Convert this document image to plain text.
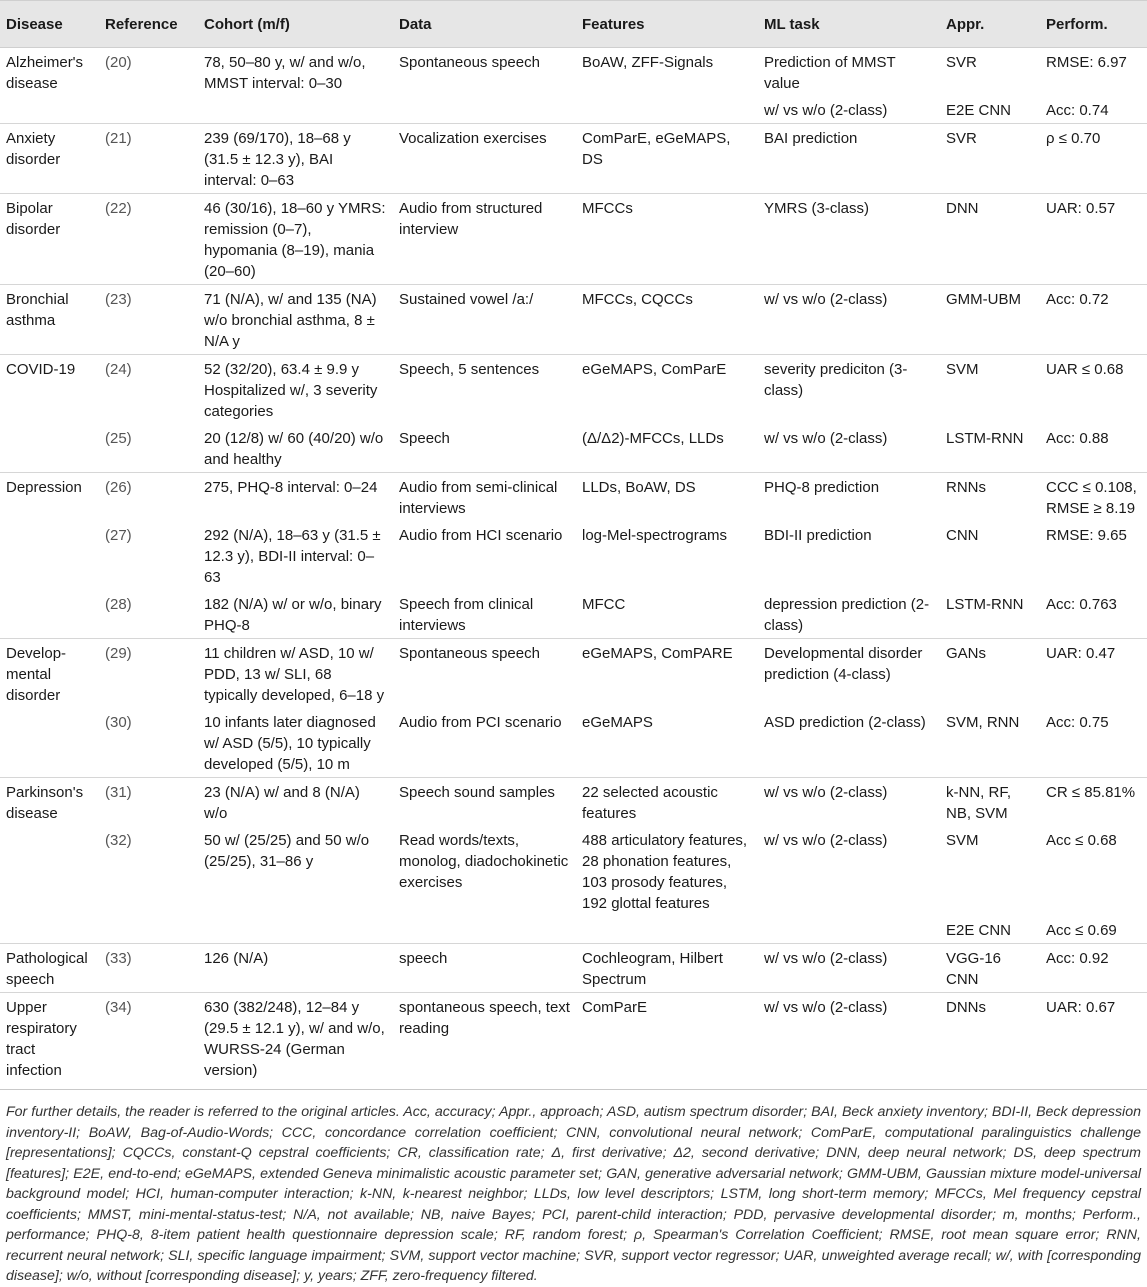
Disease	Reference	Cohort (m/f)	Data	Features	ML task	Appr.	Perform.
Alzheimer's disease	(20)	78, 50–80 y, w/ and w/o, MMST interval: 0–30	Spontaneous speech	BoAW, ZFF-Signals	Prediction of MMST value	SVR	RMSE: 6.97
					w/ vs w/o (2-class)	E2E CNN	Acc: 0.74
Anxiety disorder	(21)	239 (69/170), 18–68 y (31.5 ± 12.3 y), BAI interval: 0–63	Vocalization exercises	ComParE, eGeMAPS, DS	BAI prediction	SVR	ρ ≤ 0.70
Bipolar disorder	(22)	46 (30/16), 18–60 y YMRS: remission (0–7), hypomania (8–19), mania (20–60)	Audio from structured interview	MFCCs	YMRS (3-class)	DNN	UAR: 0.57
Bronchial asthma	(23)	71 (N/A), w/ and 135 (NA) w/o bronchial asthma, 8 ± N/A y	Sustained vowel /a:/	MFCCs, CQCCs	w/ vs w/o (2-class)	GMM-UBM	Acc: 0.72
COVID-19	(24)	52 (32/20), 63.4 ± 9.9 y Hospitalized w/, 3 severity categories	Speech, 5 sentences	eGeMAPS, ComParE	severity prediciton (3-class)	SVM	UAR ≤ 0.68
	(25)	20 (12/8) w/ 60 (40/20) w/o and healthy	Speech	(Δ/Δ2)-MFCCs, LLDs	w/ vs w/o (2-class)	LSTM-RNN	Acc: 0.88
Depression	(26)	275, PHQ-8 interval: 0–24	Audio from semi-clinical interviews	LLDs, BoAW, DS	PHQ-8 prediction	RNNs	CCC ≤ 0.108, RMSE ≥ 8.19
	(27)	292 (N/A), 18–63 y (31.5 ± 12.3 y), BDI-II interval: 0–63	Audio from HCI scenario	log-Mel-spectrograms	BDI-II prediction	CNN	RMSE: 9.65
	(28)	182 (N/A) w/ or w/o, binary PHQ-8	Speech from clinical interviews	MFCC	depression prediction (2-class)	LSTM-RNN	Acc: 0.763
Develop-mental disorder	(29)	11 children w/ ASD, 10 w/ PDD, 13 w/ SLI, 68 typically developed, 6–18 y	Spontaneous speech	eGeMAPS, ComPARE	Developmental disorder prediction (4-class)	GANs	UAR: 0.47
	(30)	10 infants later diagnosed w/ ASD (5/5), 10 typically developed (5/5), 10 m	Audio from PCI scenario	eGeMAPS	ASD prediction (2-class)	SVM, RNN	Acc: 0.75
Parkinson's disease	(31)	23 (N/A) w/ and 8 (N/A) w/o	Speech sound samples	22 selected acoustic features	w/ vs w/o (2-class)	k-NN, RF, NB, SVM	CR ≤ 85.81%
	(32)	50 w/ (25/25) and 50 w/o (25/25), 31–86 y	Read words/texts, monolog, diadochokinetic exercises	488 articulatory features, 28 phonation features, 103 prosody features, 192 glottal features	w/ vs w/o (2-class)	SVM	Acc ≤ 0.68
						E2E CNN	Acc ≤ 0.69
Pathological speech	(33)	126 (N/A)	speech	Cochleogram, Hilbert Spectrum	w/ vs w/o (2-class)	VGG-16 CNN	Acc: 0.92
Upper respiratory tract infection	(34)	630 (382/248), 12–84 y (29.5 ± 12.1 y), w/ and w/o, WURSS-24 (German version)	spontaneous speech, text reading	ComParE	w/ vs w/o (2-class)	DNNs	UAR: 0.67

For further details, the reader is referred to the original articles. Acc, accuracy; Appr., approach; ASD, autism spectrum disorder; BAI, Beck anxiety inventory; BDI-II, Beck depression inventory-II; BoAW, Bag-of-Audio-Words; CCC, concordance correlation coefficient; CNN, convolutional neural network; ComParE, computational paralinguistics challenge [representations]; CQCCs, constant-Q cepstral coefficients; CR, classification rate; Δ, first derivative; Δ2, second derivative; DNN, deep neural network; DS, deep spectrum [features]; E2E, end-to-end; eGeMAPS, extended Geneva minimalistic acoustic parameter set; GAN, generative adversarial network; GMM-UBM, Gaussian mixture model-universal background model; HCI, human-computer interaction; k-NN, k-nearest neighbor; LLDs, low level descriptors; LSTM, long short-term memory; MFCCs, Mel frequency cepstral coefficients; MMST, mini-mental-status-test; N/A, not available; NB, naive Bayes; PCI, parent-child interaction; PDD, pervasive developmental disorder; m, months; Perform., performance; PHQ-8, 8-item patient health questionnaire depression scale; RF, random forest; ρ, Spearman's Correlation Coefficient; RMSE, root mean square error; RNN, recurrent neural network; SLI, specific language impairment; SVM, support vector machine; SVR, support vector regressor; UAR, unweighted average recall; w/, with [corresponding disease]; w/o, without [corresponding disease]; y, years; ZFF, zero-frequency filtered.
